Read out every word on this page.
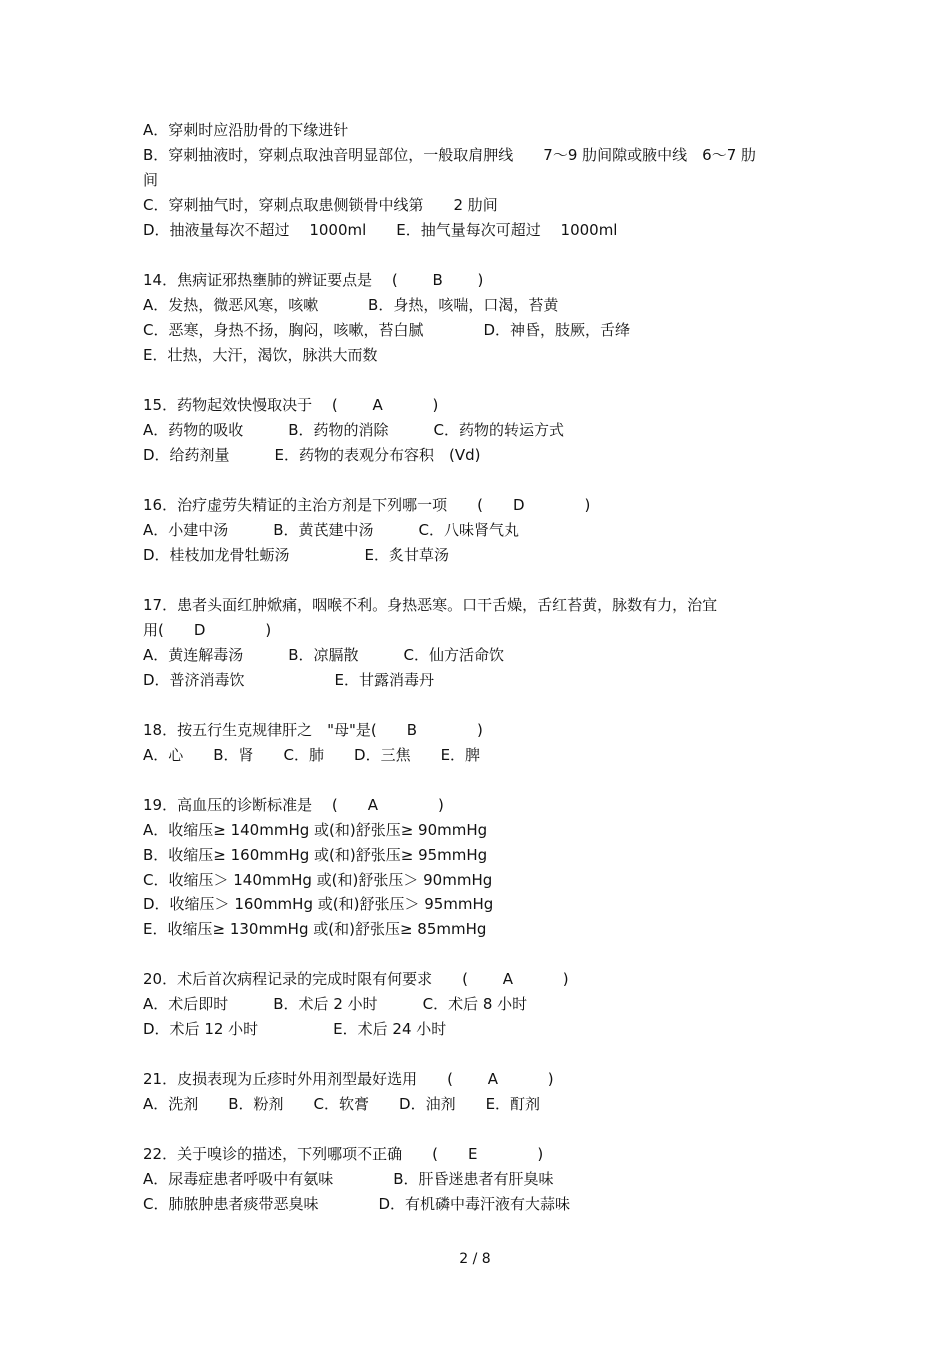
A．穿刺时应沿肋骨的下缘进针
B．穿刺抽液时，穿刺点取浊音明显部位，一般取肩胛线　　7～9 肋间隙或腋中线　6～7 肋
间
C．穿刺抽气时，穿刺点取患侧锁骨中线第　　2 肋间
D．抽液量每次不超过　 1000ml　　E．抽气量每次可超过　 1000ml
14．焦病证邪热壅肺的辨证要点是　 (　　 B　　 )
A．发热，微恶风寒，咳嗽　　　 B．身热，咳喘，口渴，苔黄
C．恶寒，身热不扬，胸闷，咳嗽，苔白腻　　　　D．神昏，肢厥，舌绛
E．壮热，大汗，渴饮，脉洪大而数
15．药物起效快慢取决于　 (　　 A　　　 )
A．药物的吸收　　　B．药物的消除　　　C．药物的转运方式
D．给药剂量　　　E．药物的表观分布容积　(Vd)
16．治疗虚劳失精证的主治方剂是下列哪一项　　(　　D　　　　)
A．小建中汤　　　B．黄芪建中汤　　　C．八味肾气丸
D．桂枝加龙骨牡蛎汤　　　　　E．炙甘草汤
17．患者头面红肿焮痛，咽喉不利。身热恶寒。口干舌燥，舌红苔黄，脉数有力，治宜
用(　　D　　　　)
A．黄连解毒汤　　　B．凉膈散　　　C．仙方活命饮
D．普济消毒饮　　　　　　E．甘露消毒丹
18．按五行生克规律肝之　"母"是(　　B　　　　)
A．心　　B．肾　　C．肺　　D．三焦　　E．脾
19．高血压的诊断标准是　 (　　A　　　　)
A．收缩压≥ 140mmHg 或(和)舒张压≥ 90mmHg
B．收缩压≥ 160mmHg 或(和)舒张压≥ 95mmHg
C．收缩压＞ 140mmHg 或(和)舒张压＞ 90mmHg
D．收缩压＞ 160mmHg 或(和)舒张压＞ 95mmHg
E．收缩压≥ 130mmHg 或(和)舒张压≥ 85mmHg
20．术后首次病程记录的完成时限有何要求　　(　　 A　　　 )
A．术后即时　　　B．术后 2 小时　　　C．术后 8 小时
D．术后 12 小时　　　　　E．术后 24 小时
21．皮损表现为丘疹时外用剂型最好选用　　(　　 A　　　 )
A．洗剂　　B．粉剂　　C．软膏　　D．油剂　　E．酊剂
22．关于嗅诊的描述，下列哪项不正确　　(　　E　　　　)
A．尿毒症患者呼吸中有氨味　　　　B．肝昏迷患者有肝臭味
C．肺脓肿患者痰带恶臭味　　　　D．有机磷中毒汗液有大蒜味
2 / 8
